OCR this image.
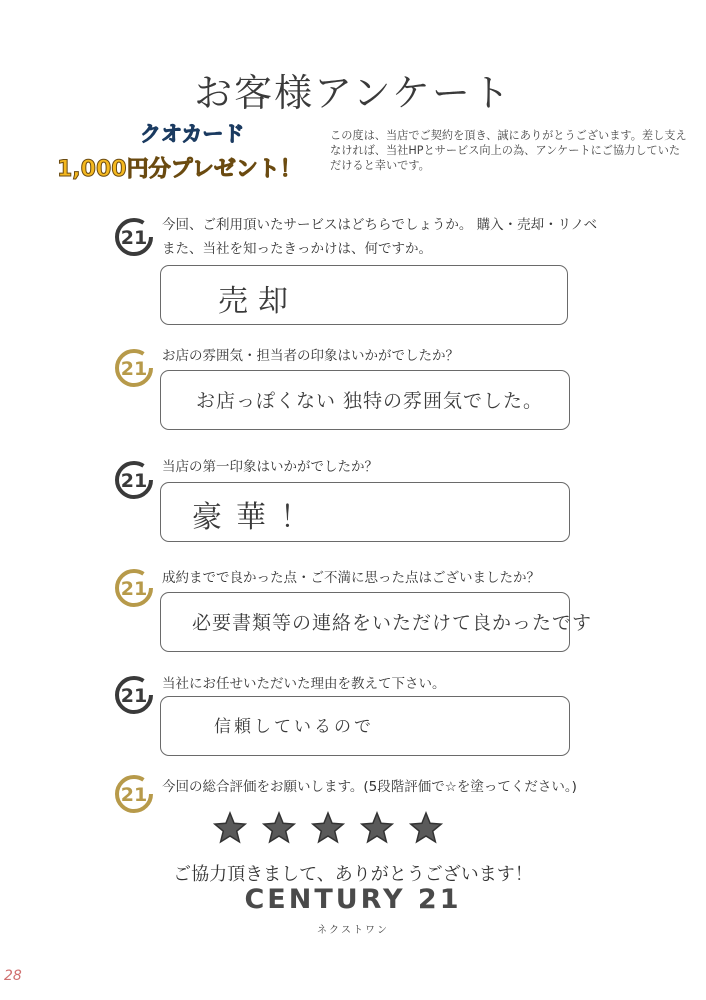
お客様アンケート
クオカード
1,000円分プレゼント！
この度は、当店でご契約を頂き、誠にありがとうございます。差し支えなければ、当社HPとサービス向上の為、アンケートにご協力していただけると幸いです。
21
今回、ご利用頂いたサービスはどちらでしょうか。 購入・売却・リノベ
また、当社を知ったきっかけは、何ですか。
売却
21
お店の雰囲気・担当者の印象はいかがでしたか？
お店っぽくない 独特の雰囲気でした。
21
当店の第一印象はいかがでしたか？
豪華！
21 成約までで良かった点・ご不満に思った点はございましたか？
必要書類等の連絡をいただけて良かったです
21
当社にお任せいただいた理由を教えて下さい。
信頼しているので
21 今回の総合評価をお願いします。(5段階評価で☆を塗ってください。)
ご協力頂きまして、ありがとうございます！
CENTURY 21
ネクストワン
28
